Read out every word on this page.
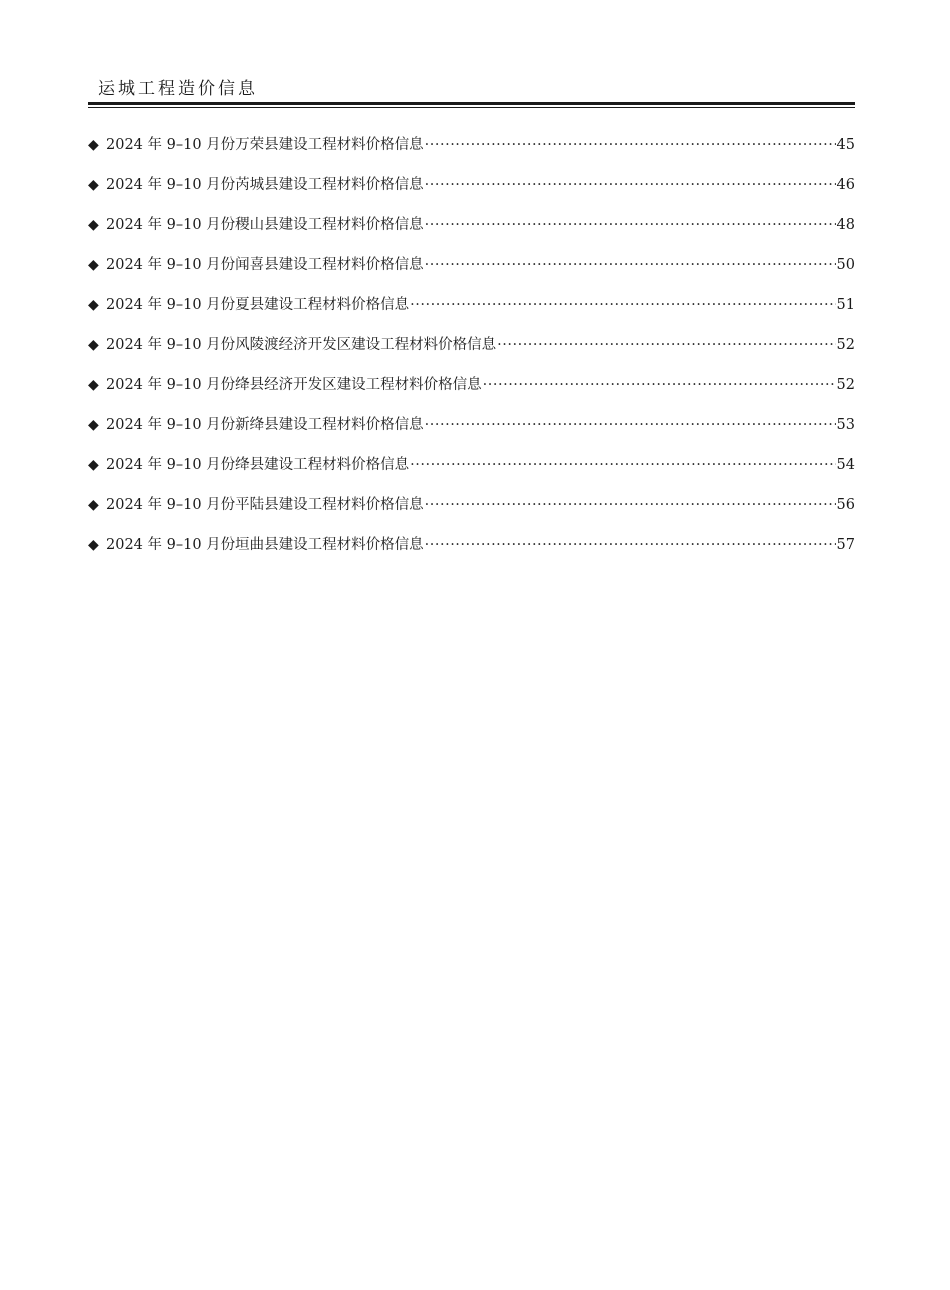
运城工程造价信息
◆ 2024 年 9–10 月份万荣县建设工程材料价格信息 ·····	45
◆ 2024 年 9–10 月份芮城县建设工程材料价格信息 ·····	46
◆ 2024 年 9–10 月份稷山县建设工程材料价格信息 ·····	48
◆ 2024 年 9–10 月份闻喜县建设工程材料价格信息 ·····	50
◆ 2024 年 9–10 月份夏县建设工程材料价格信息 ·····	51
◆ 2024 年 9–10 月份风陵渡经济开发区建设工程材料价格信息 ·····	52
◆ 2024 年 9–10 月份绛县经济开发区建设工程材料价格信息 ·····	52
◆ 2024 年 9–10 月份新绛县建设工程材料价格信息 ·····	53
◆ 2024 年 9–10 月份绛县建设工程材料价格信息 ·····	54
◆ 2024 年 9–10 月份平陆县建设工程材料价格信息 ·····	56
◆ 2024 年 9–10 月份垣曲县建设工程材料价格信息 ·····	57
